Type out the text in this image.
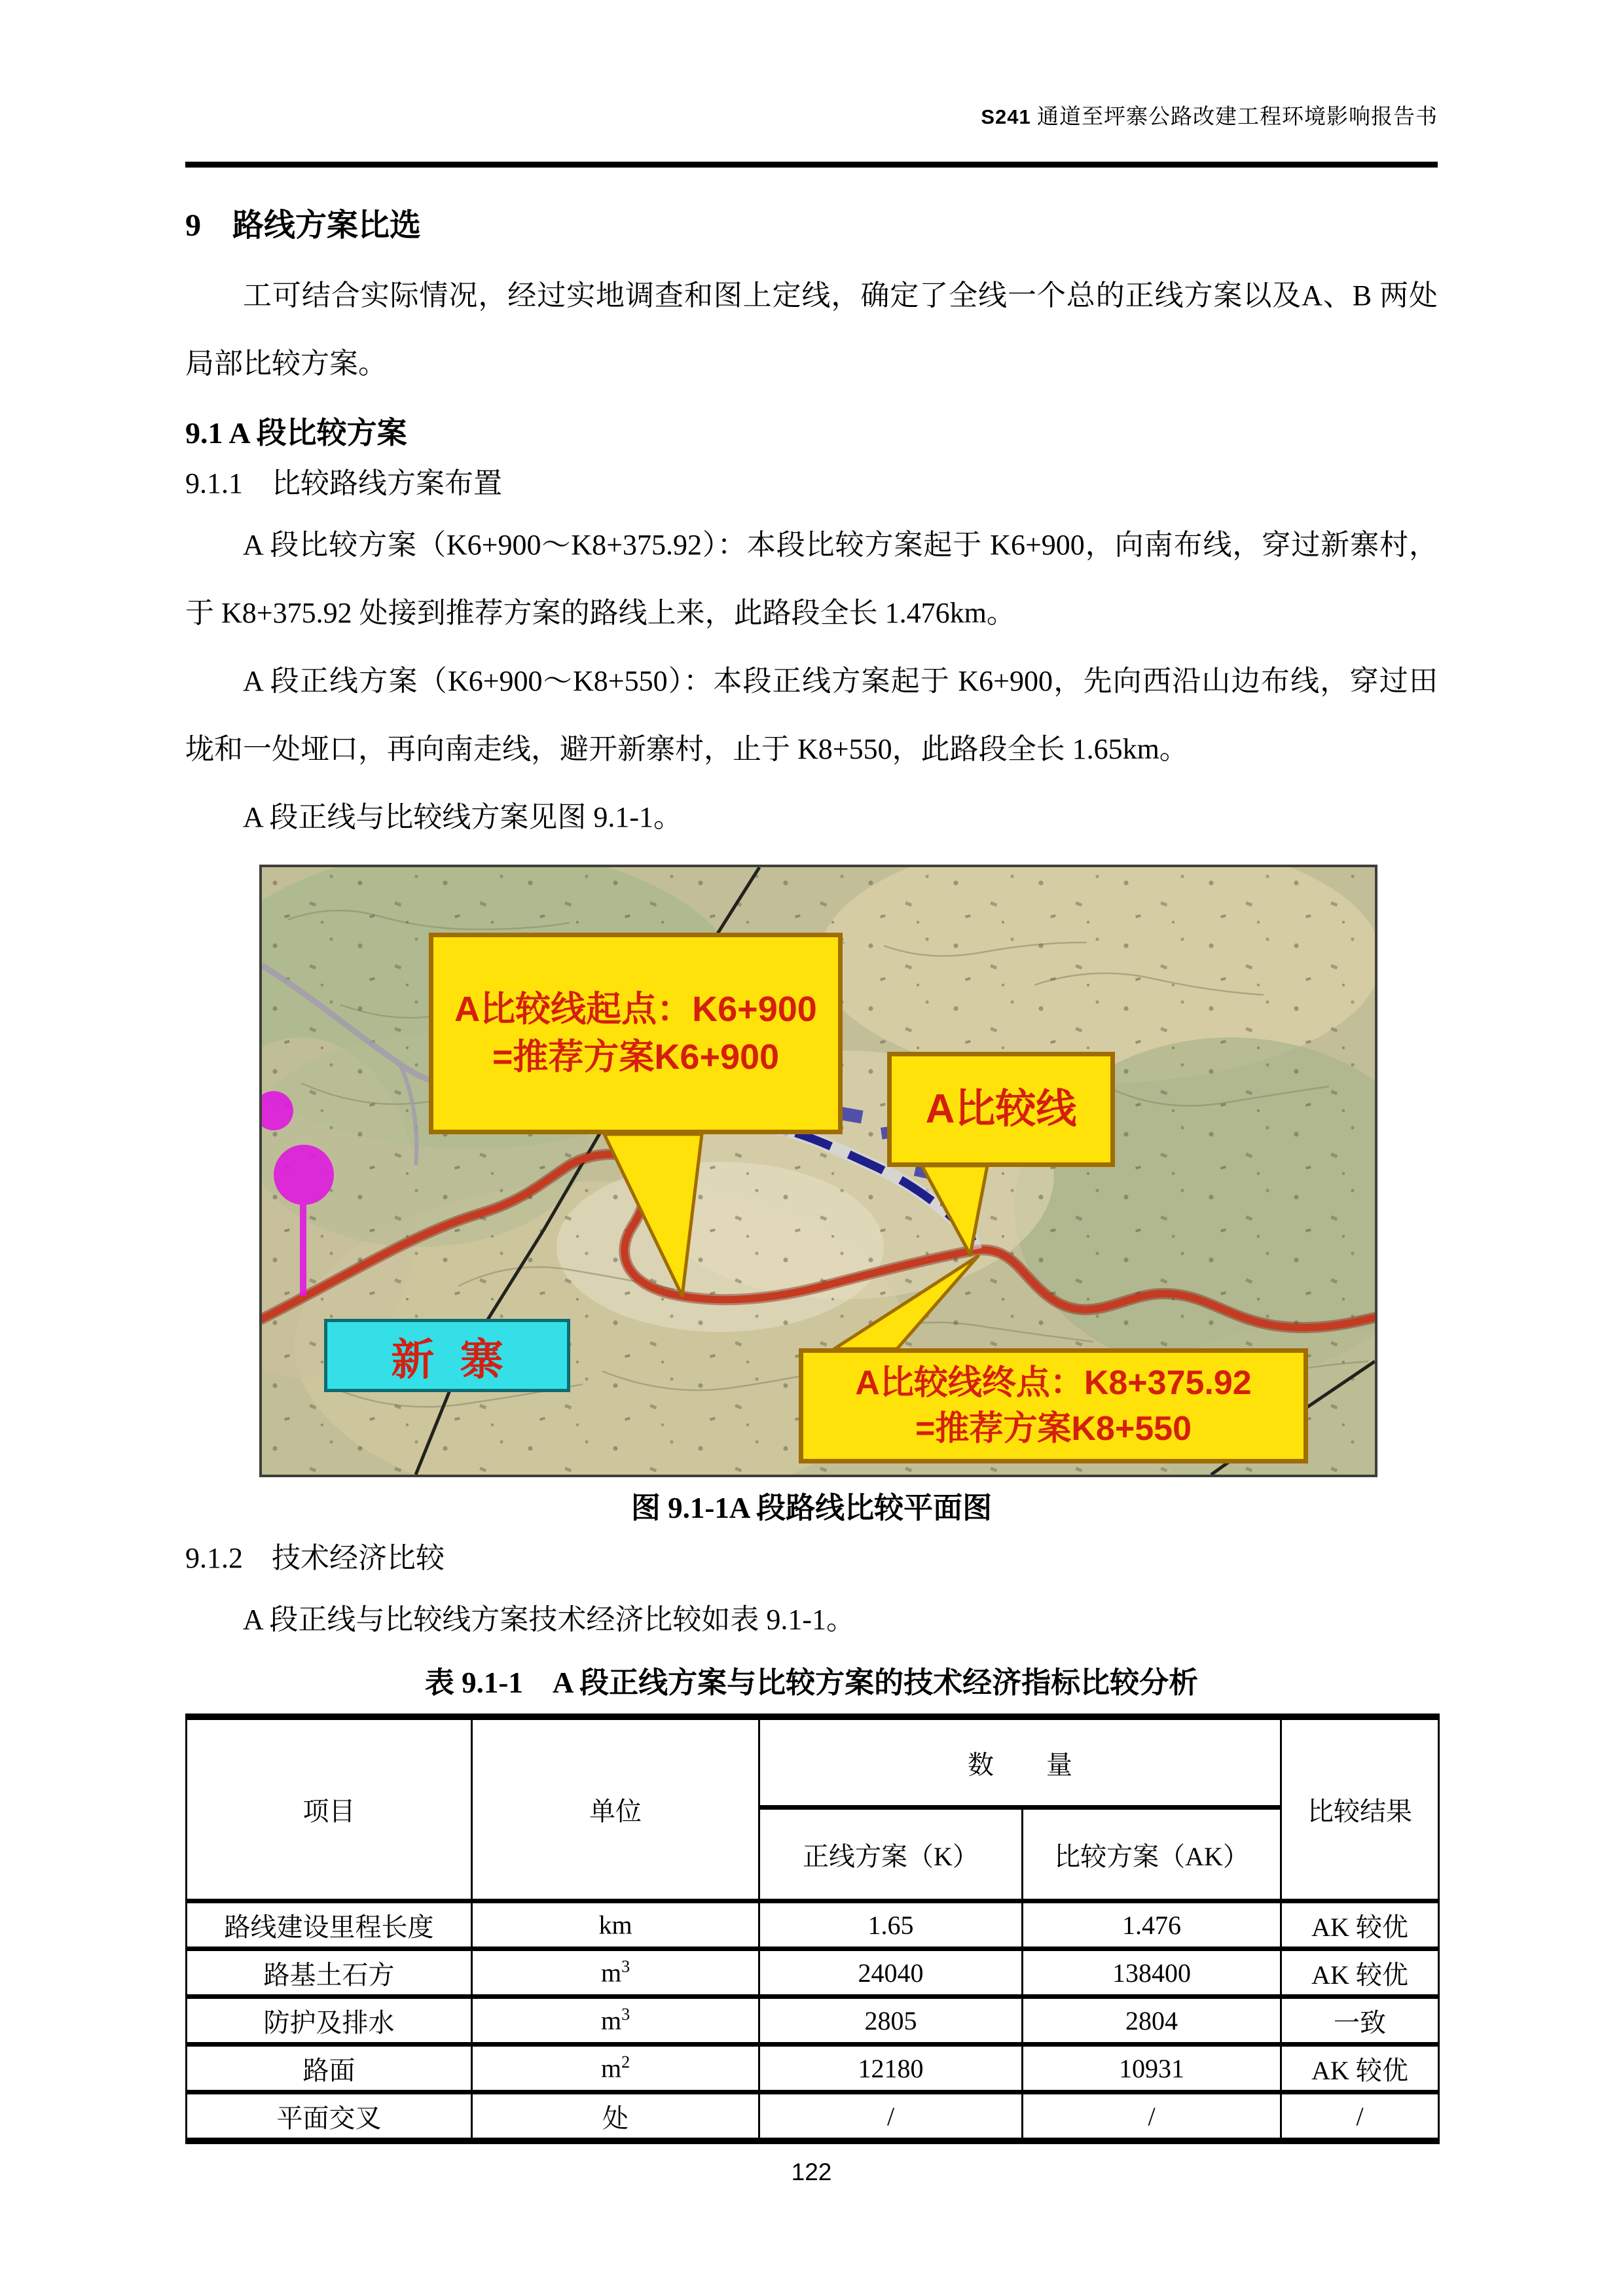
S241 通道至坪寨公路改建工程环境影响报告书
9　路线方案比选

工可结合实际情况，经过实地调查和图上定线，确定了全线一个总的正线方案以及A、B 两处局部比较方案。

9.1 A 段比较方案
9.1.1　比较路线方案布置

A 段比较方案（K6+900～K8+375.92）：本段比较方案起于 K6+900，向南布线，穿过新寨村，于 K8+375.92 处接到推荐方案的路线上来，此路段全长 1.476km。

A 段正线方案（K6+900～K8+550）：本段正线方案起于 K6+900，先向西沿山边布线，穿过田垅和一处垭口，再向南走线，避开新寨村，止于 K8+550，此路段全长 1.65km。

A 段正线与比较线方案见图 9.1-1。

A比较线起点：K6+900
=推荐方案K6+900
A比较线
A比较线终点：K8+375.92
=推荐方案K8+550
新寨
图 9.1-1A 段路线比较平面图
9.1.2　技术经济比较

A 段正线与比较线方案技术经济比较如表 9.1-1。

表 9.1-1　A 段正线方案与比较方案的技术经济指标比较分析
项目	单位	数　　量		比较结果
		正线方案（K）	比较方案（AK）	
路线建设里程长度	km	1.65	1.476	AK 较优
路基土石方	$m^3$	24040	138400	AK 较优
防护及排水	$m^3$	2805	2804	一致
路面	$m^2$	12180	10931	AK 较优
平面交叉	处	/	/	/
122
